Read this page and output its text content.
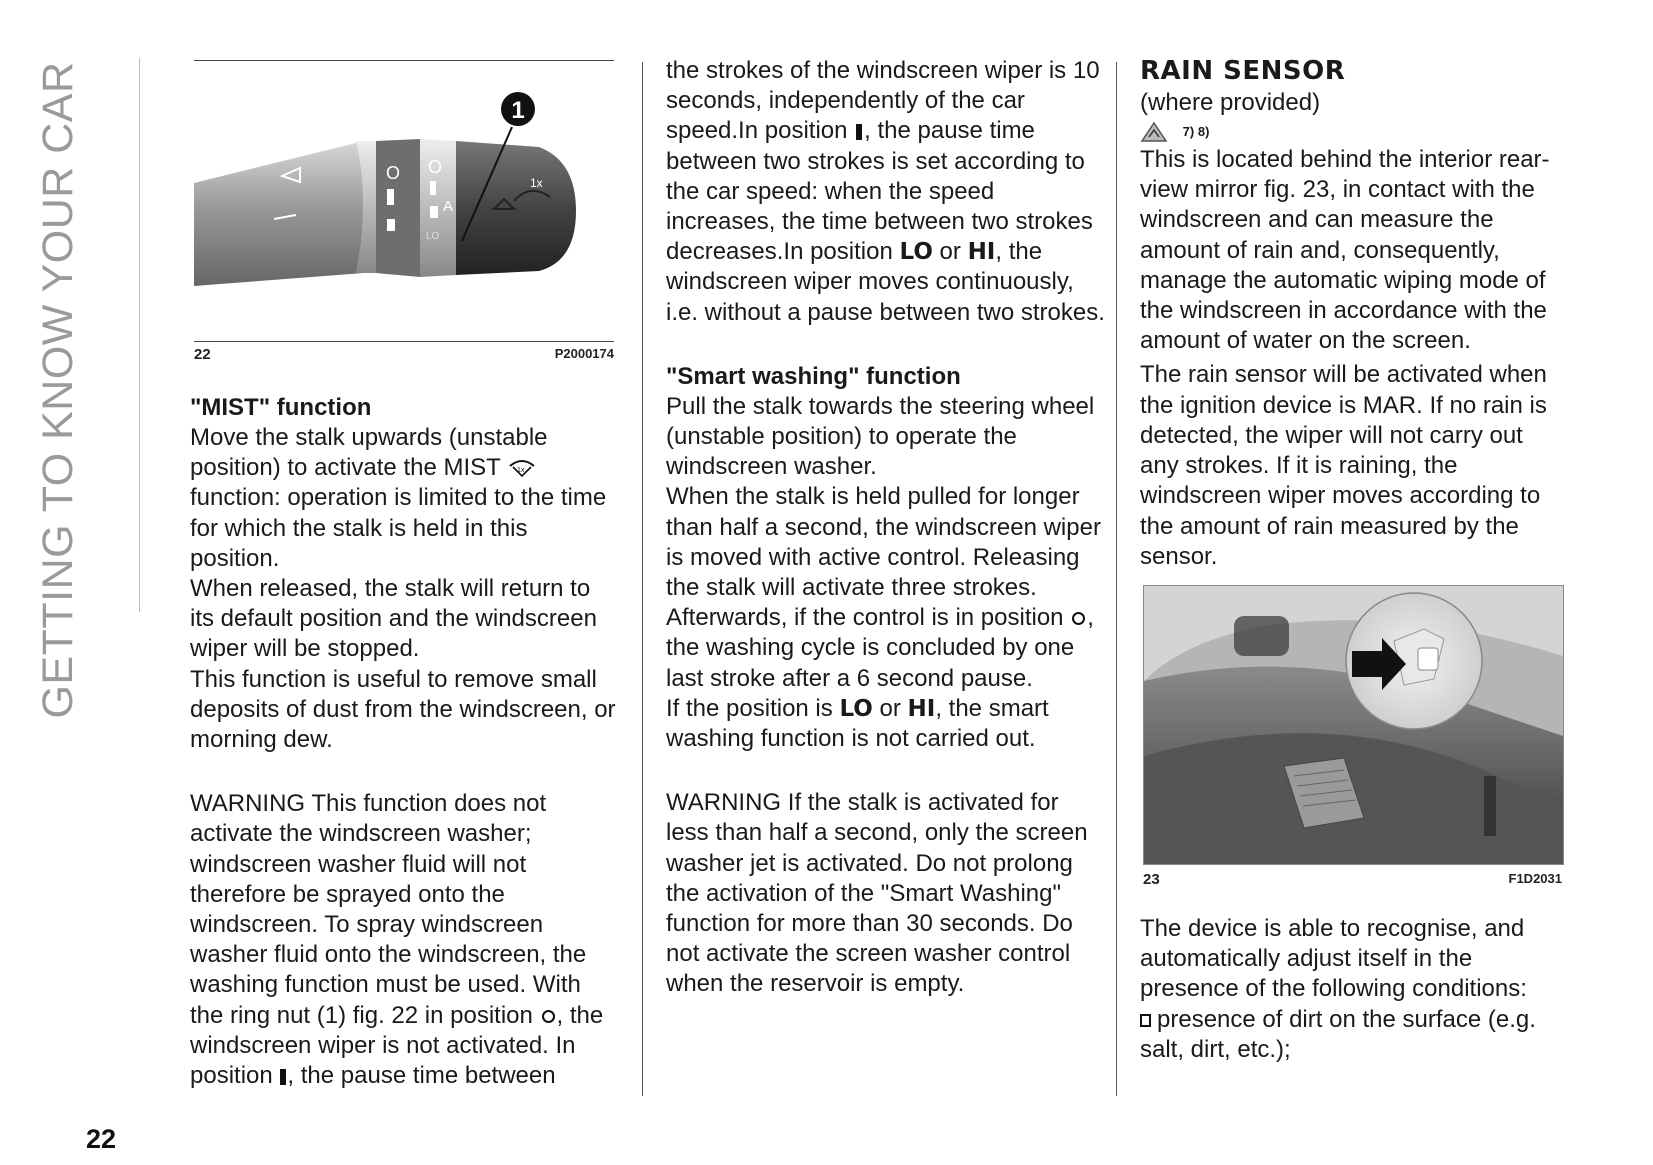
GETTING TO KNOW YOUR CAR
22
O O
A
LO
1x
1
22	P2000174
"MIST" function

Move the stalk upwards (unstable position) to activate the MIST 1x
function: operation is limited to the time for which the stalk is held in this position.

When released, the stalk will return to its default position and the windscreen wiper will be stopped.

This function is useful to remove small deposits of dust from the windscreen, or morning dew.

WARNING This function does not activate the windscreen washer; windscreen washer fluid will not therefore be sprayed onto the windscreen. To spray windscreen washer fluid onto the windscreen, the washing function must be used. With the ring nut (1) fig. 22 in position , the windscreen wiper is not activated. In position , the pause time between

the strokes of the windscreen wiper is 10 seconds, independently of the car speed.In position , the pause time between two strokes is set according to the car speed: when the speed increases, the time between two strokes decreases.In position LO or HI, the windscreen wiper moves continuously, i.e. without a pause between two strokes.

"Smart washing" function

Pull the stalk towards the steering wheel (unstable position) to operate the windscreen washer.

When the stalk is held pulled for longer than half a second, the windscreen wiper is moved with active control. Releasing the stalk will activate three strokes.

Afterwards, if the control is in position , the washing cycle is concluded by one last stroke after a 6 second pause.

If the position is LO or HI, the smart washing function is not carried out.

WARNING If the stalk is activated for less than half a second, only the screen washer jet is activated. Do not prolong the activation of the "Smart Washing" function for more than 30 seconds. Do not activate the screen washer control when the reservoir is empty.

RAIN SENSOR

(where provided)

7) 8)

This is located behind the interior rear-view mirror fig. 23, in contact with the windscreen and can measure the amount of rain and, consequently, manage the automatic wiping mode of the windscreen in accordance with the amount of water on the screen.

The rain sensor will be activated when the ignition device is MAR. If no rain is detected, the wiper will not carry out any strokes. If it is raining, the windscreen wiper moves according to the amount of rain measured by the sensor.

23	F1D2031

The device is able to recognise, and automatically adjust itself in the presence of the following conditions:

presence of dirt on the surface (e.g. salt, dirt, etc.);
